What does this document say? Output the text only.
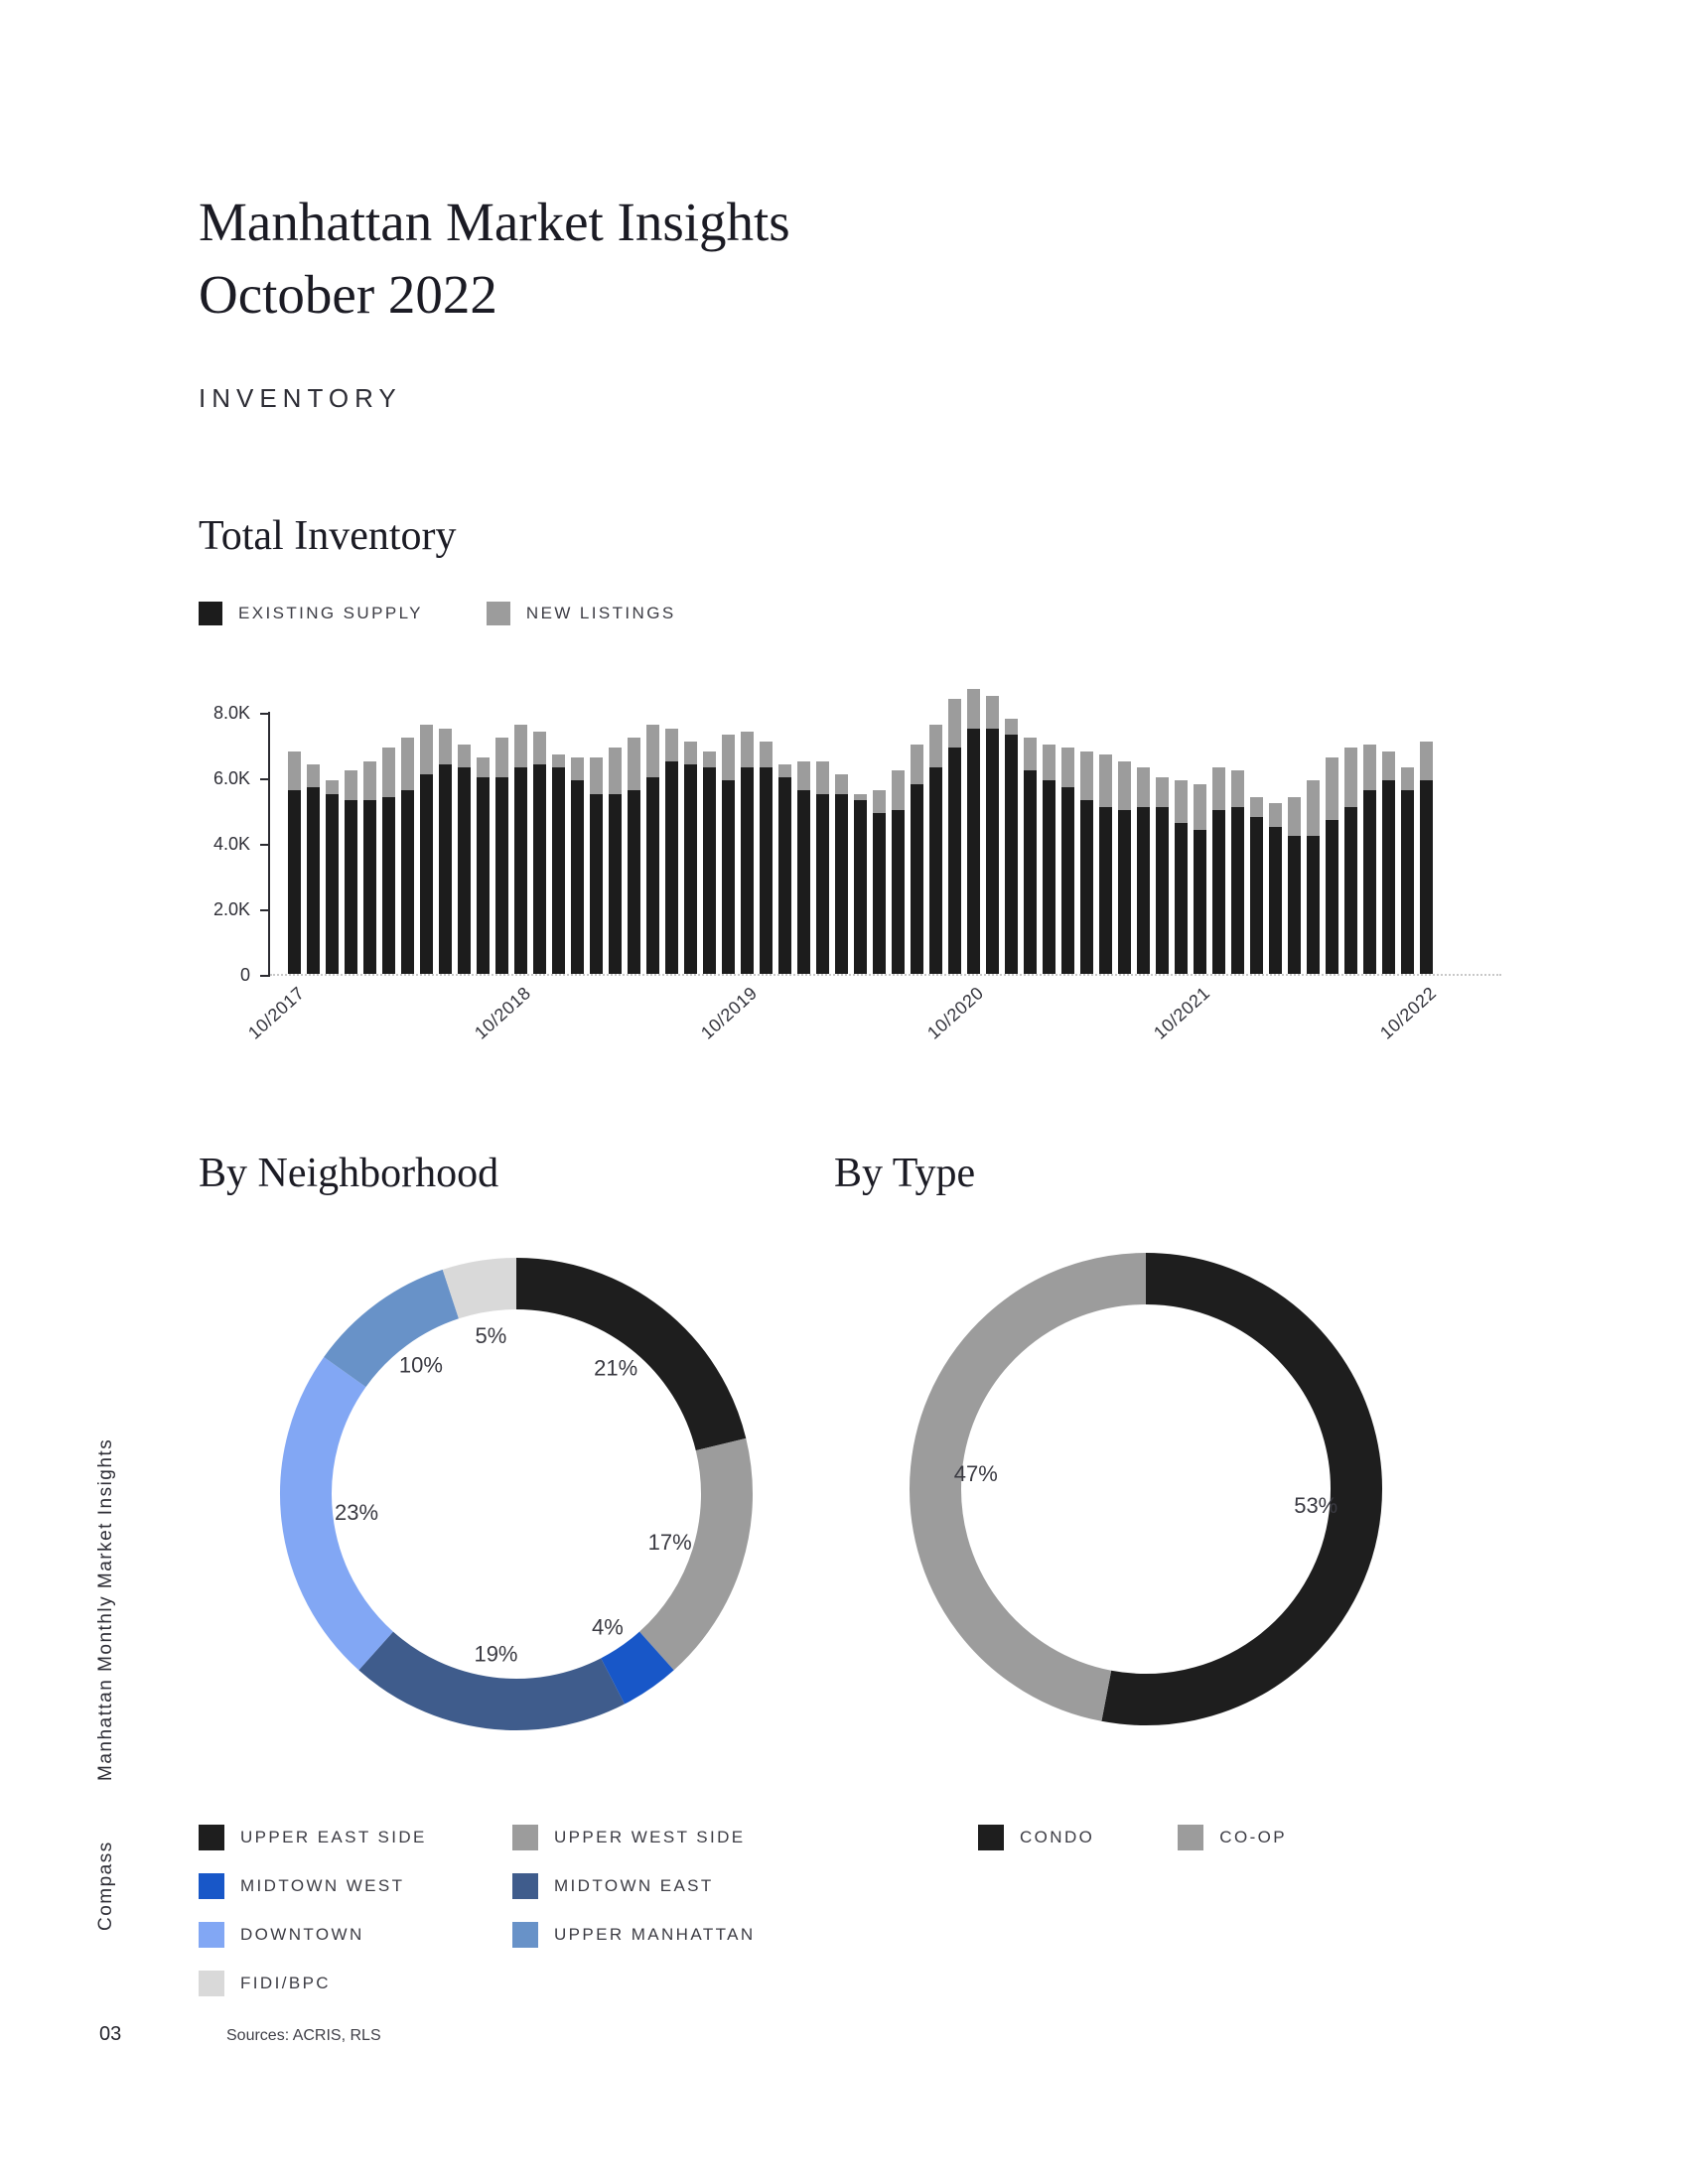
Manhattan Market Insights
October 2022
INVENTORY
Total Inventory
EXISTING SUPPLY	NEW LISTINGS
0
2.0K
4.0K
6.0K
8.0K
10/2017	10/2018	10/2019	10/2020	10/2021	10/2022
By Neighborhood	By Type
21%
17%
4%
19%
23%
10%
5%
53%
47%
UPPER EAST SIDE	UPPER WEST SIDE
MIDTOWN WEST	MIDTOWN EAST
DOWNTOWN	UPPER MANHATTAN
FIDI/BPC
CONDO	CO-OP
Manhattan Monthly Market Insights
Compass
03	Sources: ACRIS, RLS
